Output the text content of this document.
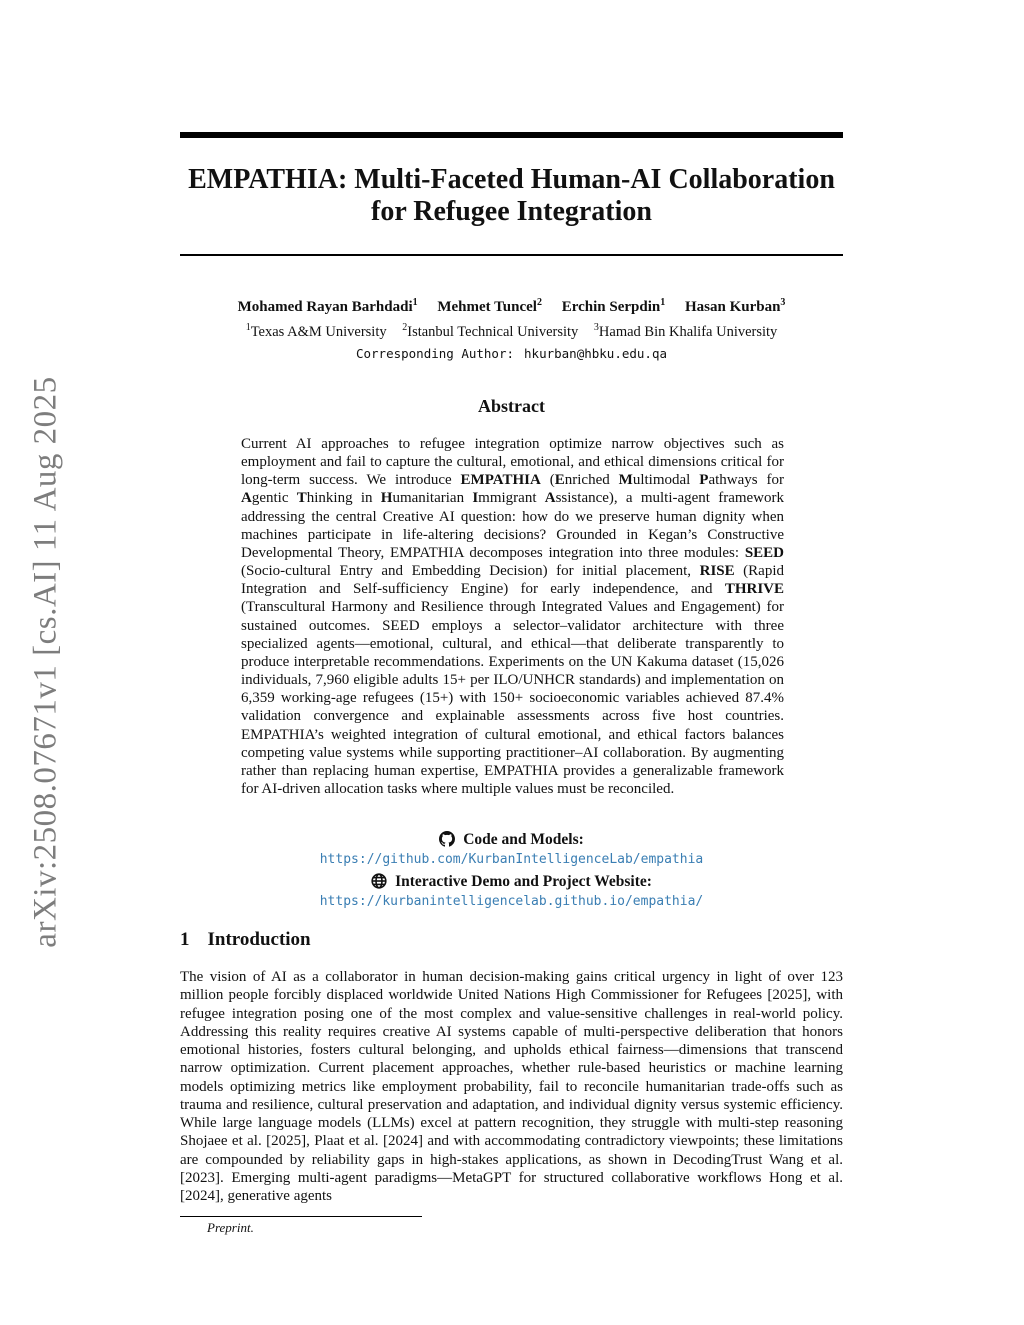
arXiv:2508.07671v1 [cs.AI] 11 Aug 2025
EMPATHIA: Multi-Faceted Human-AI Collaboration
for Refugee Integration
Mohamed Rayan Barhdadi$^1$ Mehmet Tuncel$^2$ Erchin Serpdin$^1$ Hasan Kurban$^3$
$^1$Texas A&M University $^2$Istanbul Technical University $^3$Hamad Bin Khalifa University
Corresponding Author: hkurban@hbku.edu.qa
Abstract

Current AI approaches to refugee integration optimize narrow objectives such as employment and fail to capture the cultural, emotional, and ethical dimensions critical for long-term success. We introduce EMPATHIA (Enriched Multimodal Pathways for Agentic Thinking in Humanitarian Immigrant Assistance), a multi-agent framework addressing the central Creative AI question: how do we preserve human dignity when machines participate in life-altering decisions? Grounded in Kegan’s Constructive Developmental Theory, EMPATHIA decomposes integration into three modules: SEED (Socio-cultural Entry and Embedding Decision) for initial placement, RISE (Rapid Integration and Self-sufficiency Engine) for early independence, and THRIVE (Transcultural Harmony and Resilience through Integrated Values and Engagement) for sustained outcomes. SEED employs a selector–validator architecture with three specialized agents—emotional, cultural, and ethical—that deliberate transparently to produce interpretable recommendations. Experiments on the UN Kakuma dataset (15,026 individuals, 7,960 eligible adults 15+ per ILO/UNHCR standards) and implementation on 6,359 working-age refugees (15+) with 150+ socioeconomic variables achieved 87.4% validation convergence and explainable assessments across five host countries. EMPATHIA’s weighted integration of cultural emotional, and ethical factors balances competing value systems while supporting practitioner–AI collaboration. By augmenting rather than replacing human expertise, EMPATHIA provides a generalizable framework for AI-driven allocation tasks where multiple values must be reconciled.

Code and Models:
https://github.com/KurbanIntelligenceLab/empathia
Interactive Demo and Project Website:
https://kurbanintelligencelab.github.io/empathia/
1 Introduction

The vision of AI as a collaborator in human decision-making gains critical urgency in light of over 123 million people forcibly displaced worldwide United Nations High Commissioner for Refugees [2025], with refugee integration posing one of the most complex and value-sensitive challenges in real-world policy. Addressing this reality requires creative AI systems capable of multi-perspective deliberation that honors emotional histories, fosters cultural belonging, and upholds ethical fairness—dimensions that transcend narrow optimization. Current placement approaches, whether rule-based heuristics or machine learning models optimizing metrics like employment probability, fail to reconcile humanitarian trade-offs such as trauma and resilience, cultural preservation and adaptation, and individual dignity versus systemic efficiency. While large language models (LLMs) excel at pattern recognition, they struggle with multi-step reasoning Shojaee et al. [2025], Plaat et al. [2024] and with accommodating contradictory viewpoints; these limitations are compounded by reliability gaps in high-stakes applications, as shown in DecodingTrust Wang et al. [2023]. Emerging multi-agent paradigms—MetaGPT for structured collaborative workflows Hong et al. [2024], generative agents

Preprint.
